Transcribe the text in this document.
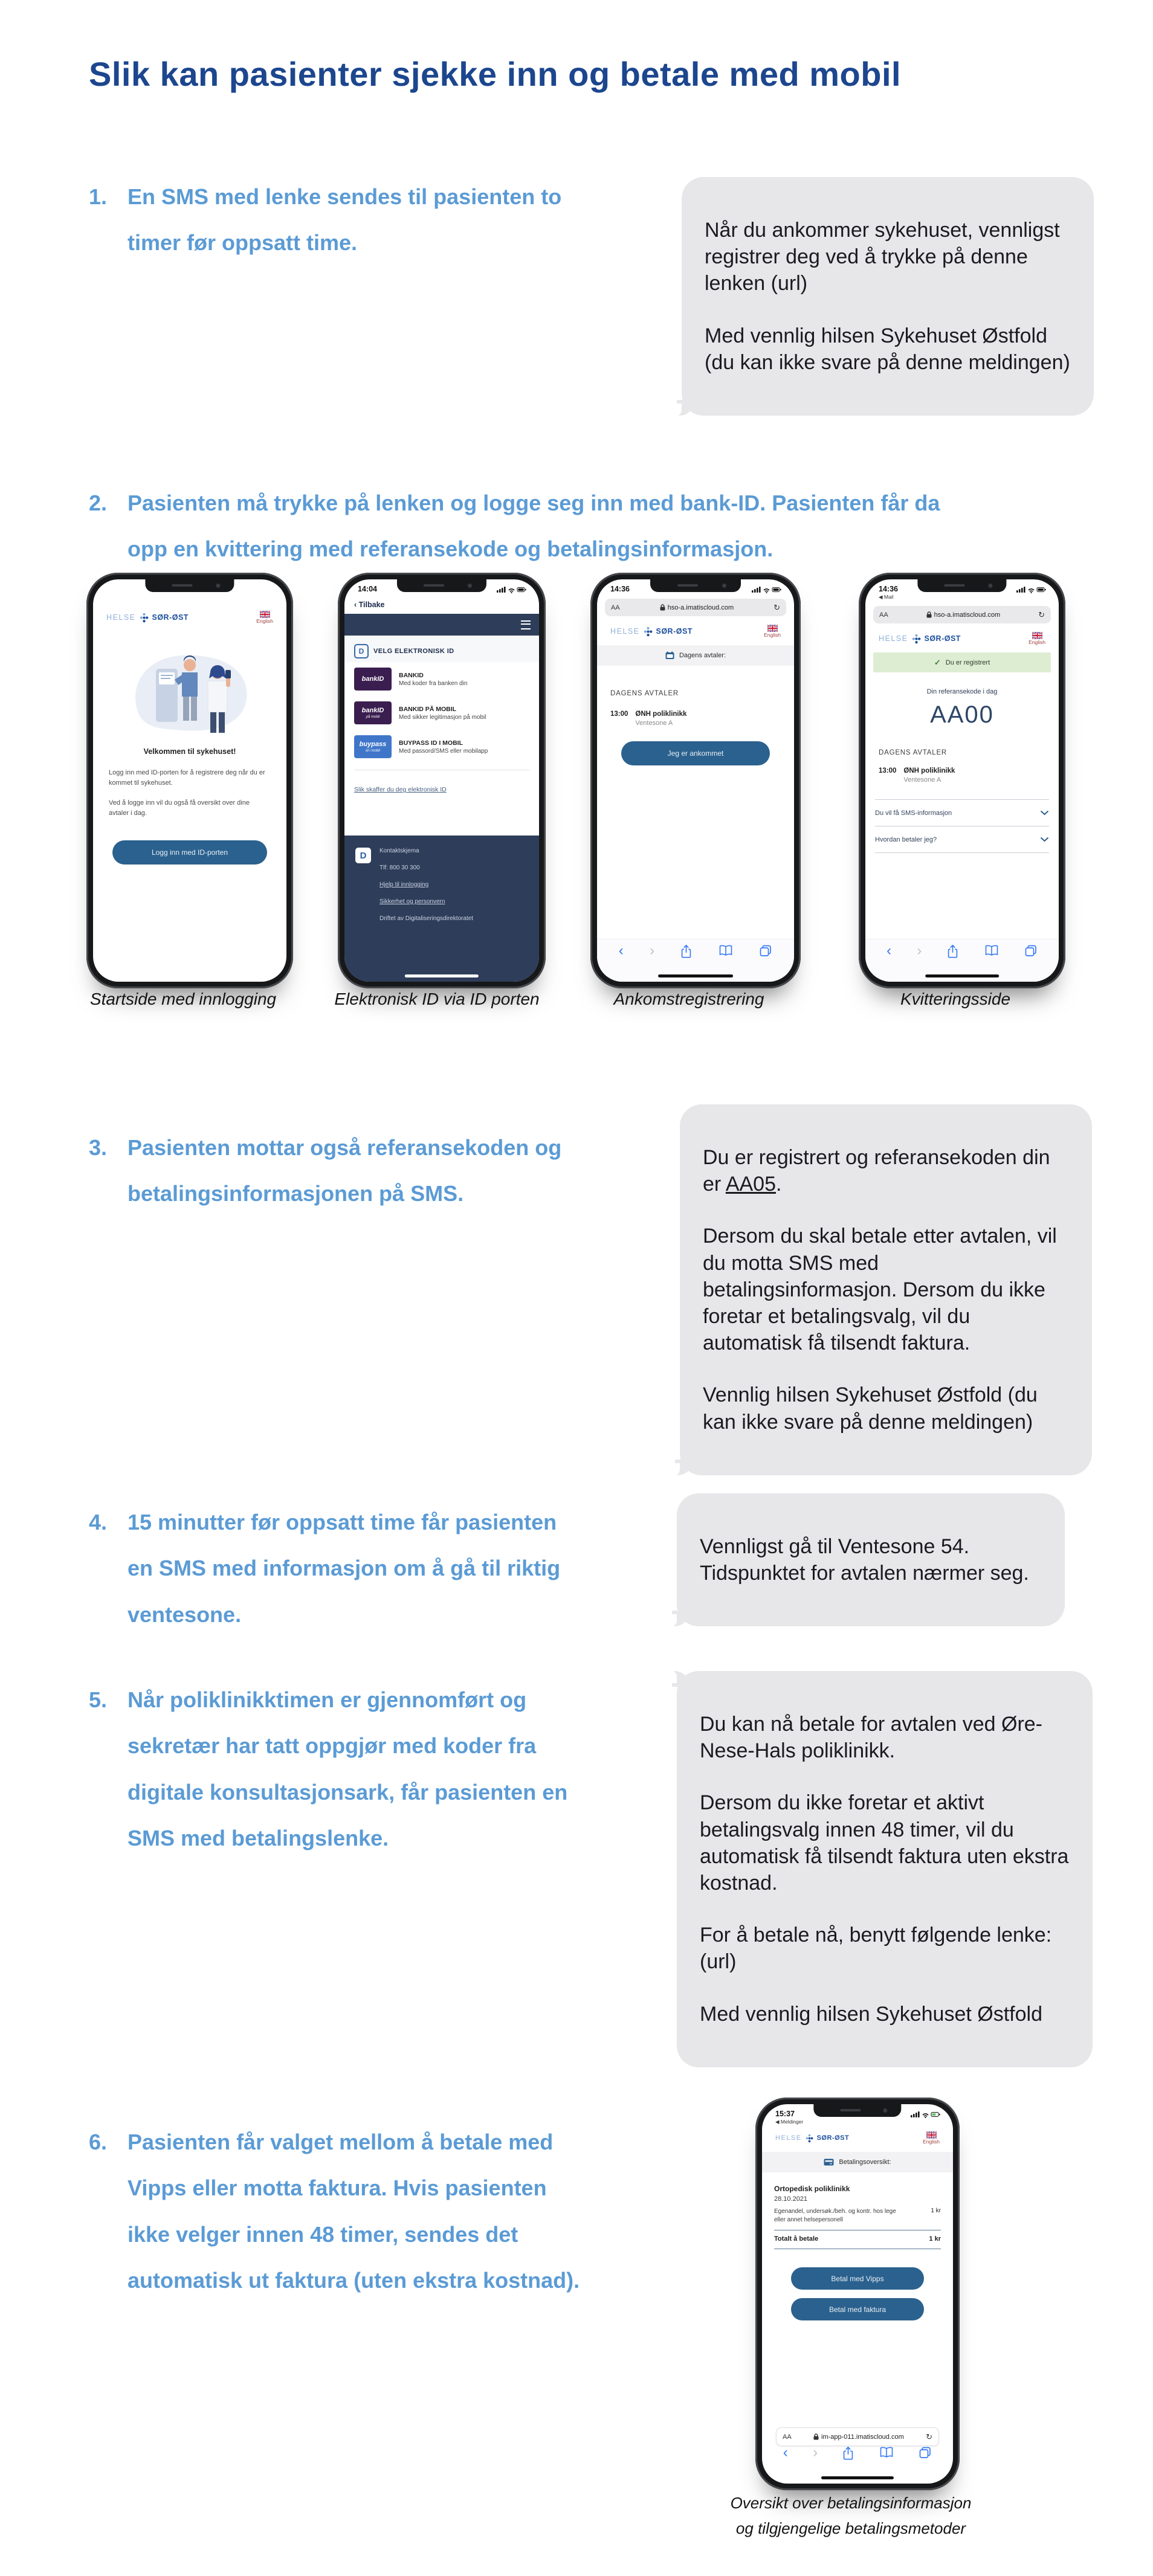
Slik kan pasienter sjekke inn og betale med mobil
1. En SMS med lenke sendes til pasienten to timer før oppsatt time.

Når du ankommer sykehuset, vennligst registrer deg ved å trykke på denne lenken (url)

Med vennlig hilsen Sykehuset Østfold (du kan ikke svare på denne meldingen)

2. Pasienten må trykke på lenken og logge seg inn med bank-ID. Pasienten får da opp en kvittering med referansekode og betalingsinformasjon.
HELSE SØR-ØST	English
Velkommen til sykehuset!
Logg inn med ID-porten for å registrere deg når du er kommet til sykehuset.
Ved å logge inn vil du også få oversikt over dine avtaler i dag.
Logg inn med ID-porten
14:04
‹ Tilbake
D	VELG ELEKTRONISK ID
bankID BANKID
Med koder fra banken din
bankID
på mobil
BANKID PÅ MOBIL
Med sikker legitimasjon på mobil
buypass
id i mobil
BUYPASS ID I MOBIL
Med passord/SMS eller mobilapp
Slik skaffer du deg elektronisk ID
D	Kontaktskjema
Tlf: 800 30 300
Hjelp til innlogging
Sikkerhet og personvern
Driftet av Digitaliseringsdirektoratet
14:36
AA	hso-a.imatiscloud.com	↻
HELSE SØR-ØST	English
Dagens avtaler:
DAGENS AVTALER
13:00 ØNH poliklinikk
Ventesone A
Jeg er ankommet
‹ ›
14:36
◀ Mail
AA	hso-a.imatiscloud.com	↻
HELSE SØR-ØST	English
✓ Du er registrert
Din referansekode i dag
AA00
DAGENS AVTALER
13:00 ØNH poliklinikk
Ventesone A
Du vil få SMS-informasjon
Hvordan betaler jeg?
‹ ›
Startside med innlogging	Elektronisk ID via ID porten	Ankomstregistrering	Kvitteringsside
3. Pasienten mottar også referansekoden og betalingsinformasjonen på SMS.

Du er registrert og referansekoden din er AA05.

Dersom du skal betale etter avtalen, vil du motta SMS med betalingsinformasjon. Dersom du ikke foretar et betalingsvalg, vil du automatisk få tilsendt faktura.

Vennlig hilsen Sykehuset Østfold (du kan ikke svare på denne meldingen)

4. 15 minutter før oppsatt time får pasienten en SMS med informasjon om å gå til riktig ventesone.

Vennligst gå til Ventesone 54. Tidspunktet for avtalen nærmer seg.

5. Når poliklinikktimen er gjennomført og sekretær har tatt oppgjør med koder fra digitale konsultasjonsark, får pasienten en SMS med betalingslenke.

Du kan nå betale for avtalen ved Øre-Nese-Hals poliklinikk.

Dersom du ikke foretar et aktivt betalingsvalg innen 48 timer, vil du automatisk få tilsendt faktura uten ekstra kostnad.

For å betale nå, benytt følgende lenke: (url)

Med vennlig hilsen Sykehuset Østfold

6. Pasienten får valget mellom å betale med Vipps eller motta faktura. Hvis pasienten ikke velger innen 48 timer, sendes det automatisk ut faktura (uten ekstra kostnad).
15:37
◀ Meldinger
HELSE SØR-ØST	English
Betalingsoversikt:
Ortopedisk poliklinikk
28.10.2021
Egenandel, undersøk./beh. og kontr. hos lege eller annet helsepersonell
1 kr
Totalt å betale	1 kr
Betal med Vipps
Betal med faktura
AA	im-app-011.imatiscloud.com	↻
‹ ›
Oversikt over betalingsinformasjon
og tilgjengelige betalingsmetoder
